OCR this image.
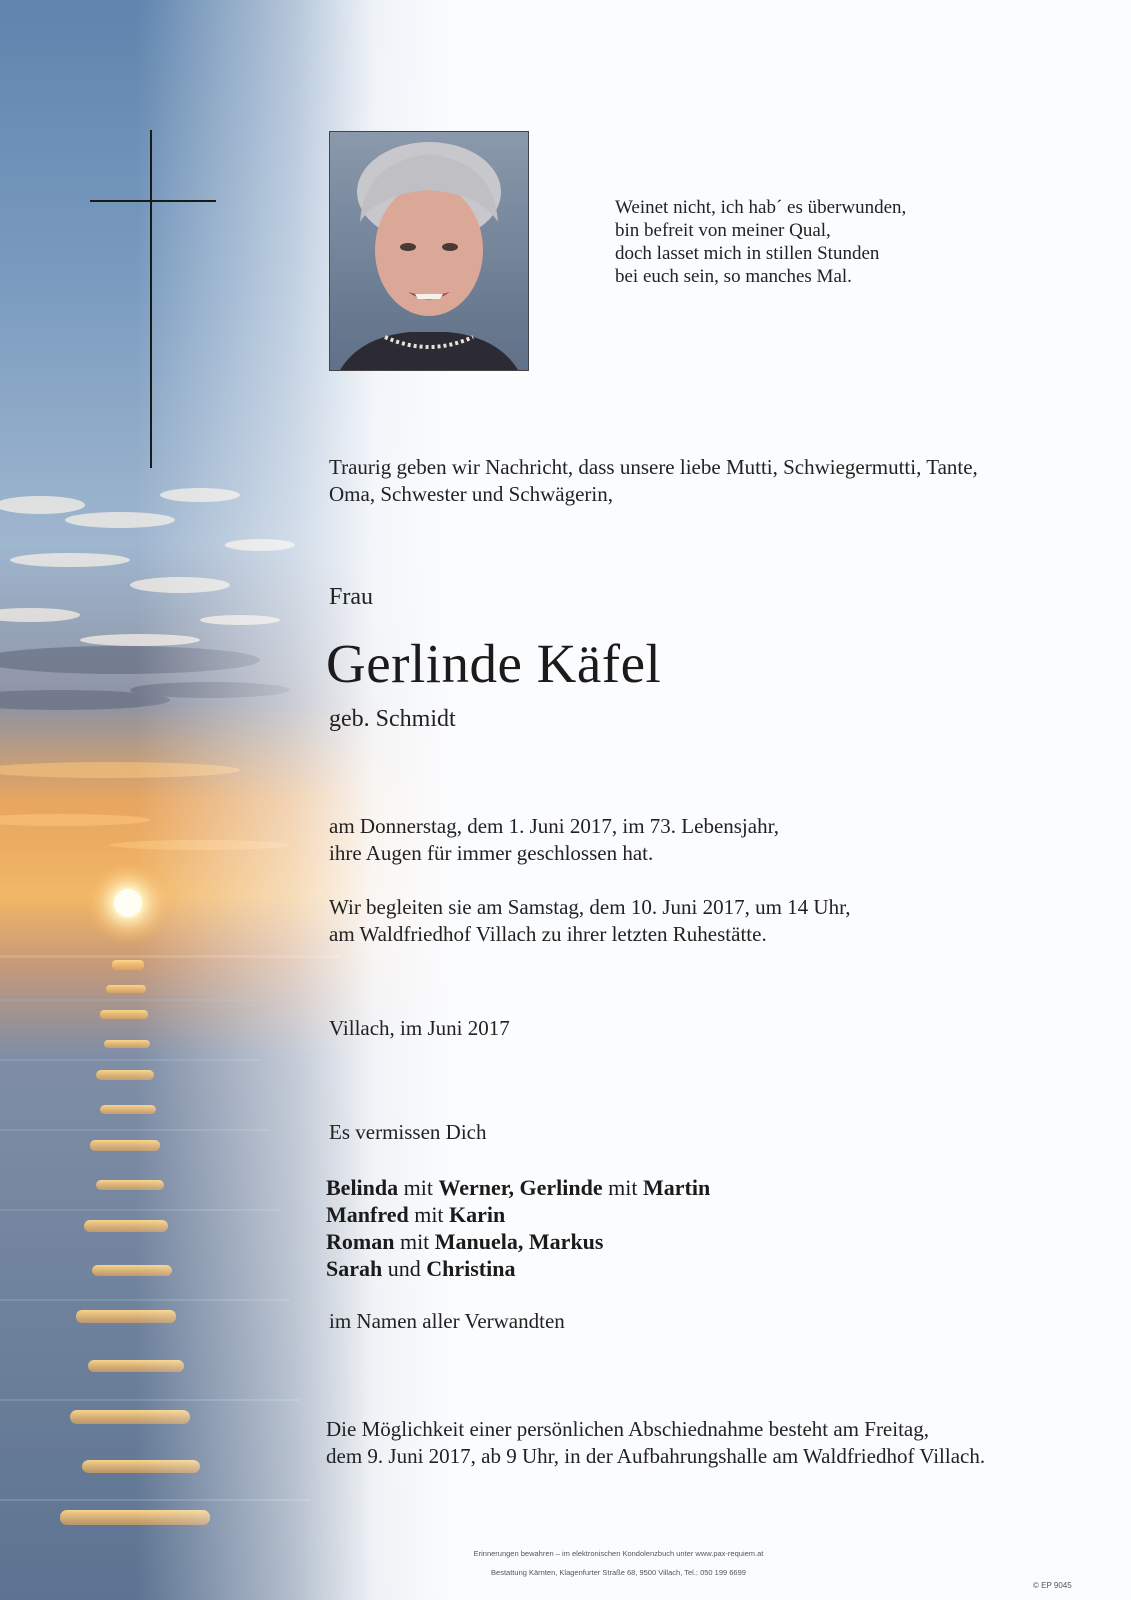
Weinet nicht, ich hab´ es überwunden,
bin befreit von meiner Qual,
doch lasset mich in stillen Stunden
bei euch sein, so manches Mal.
Traurig geben wir Nachricht, dass unsere liebe Mutti, Schwiegermutti, Tante,
Oma, Schwester und Schwägerin,
Frau
Gerlinde Käfel
geb. Schmidt
am Donnerstag, dem 1. Juni 2017, im 73. Lebensjahr,
ihre Augen für immer geschlossen hat.
Wir begleiten sie am Samstag, dem 10. Juni 2017, um 14 Uhr,
am Waldfriedhof Villach zu ihrer letzten Ruhestätte.
Villach, im Juni 2017
Es vermissen Dich
Belinda mit Werner, Gerlinde mit Martin
Manfred mit Karin
Roman mit Manuela, Markus
Sarah und Christina
im Namen aller Verwandten
Die Möglichkeit einer persönlichen Abschiednahme besteht am Freitag,
dem 9. Juni 2017, ab 9 Uhr, in der Aufbahrungshalle am Waldfriedhof Villach.
Erinnerungen bewahren – im elektronischen Kondolenzbuch unter www.pax-requiem.at
Bestattung Kärnten, Klagenfurter Straße 68, 9500 Villach, Tel.: 050 199 6699
© EP 9045
